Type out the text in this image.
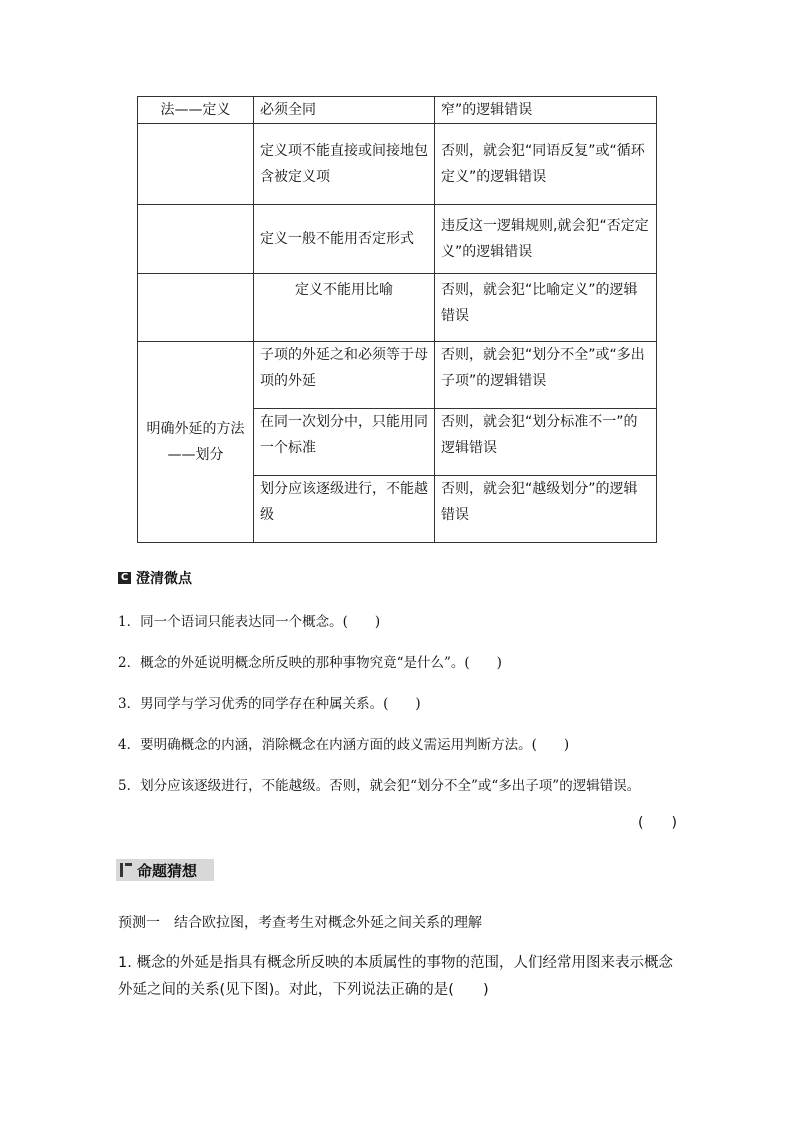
法——定义	必须全同	窄”的逻辑错误
	定义项不能直接或间接地包含被定义项	否则，就会犯“同语反复”或“循环定义”的逻辑错误
	定义一般不能用否定形式	违反这一逻辑规则,就会犯“否定定义”的逻辑错误
	定义不能用比喻	否则，就会犯“比喻定义”的逻辑错误
明确外延的方法——划分	子项的外延之和必须等于母项的外延	否则，就会犯“划分不全”或“多出子项”的逻辑错误
	在同一次划分中，只能用同一个标准	否则，就会犯“划分标准不一”的逻辑错误
	划分应该逐级进行，不能越级	否则，就会犯“越级划分”的逻辑错误
C 澄清微点
1．同一个语词只能表达同一个概念。(　　)
2．概念的外延说明概念所反映的那种事物究竟“是什么”。(　　)
3．男同学与学习优秀的同学存在种属关系。(　　)
4．要明确概念的内涵，消除概念在内涵方面的歧义需运用判断方法。(　　)
5．划分应该逐级进行，不能越级。否则，就会犯“划分不全”或“多出子项”的逻辑错误。
(　　)
命题猜想
预测一 结合欧拉图，考查考生对概念外延之间关系的理解
1. 概念的外延是指具有概念所反映的本质属性的事物的范围，人们经常用图来表示概念外延之间的关系(见下图)。对此，下列说法正确的是(　　)
